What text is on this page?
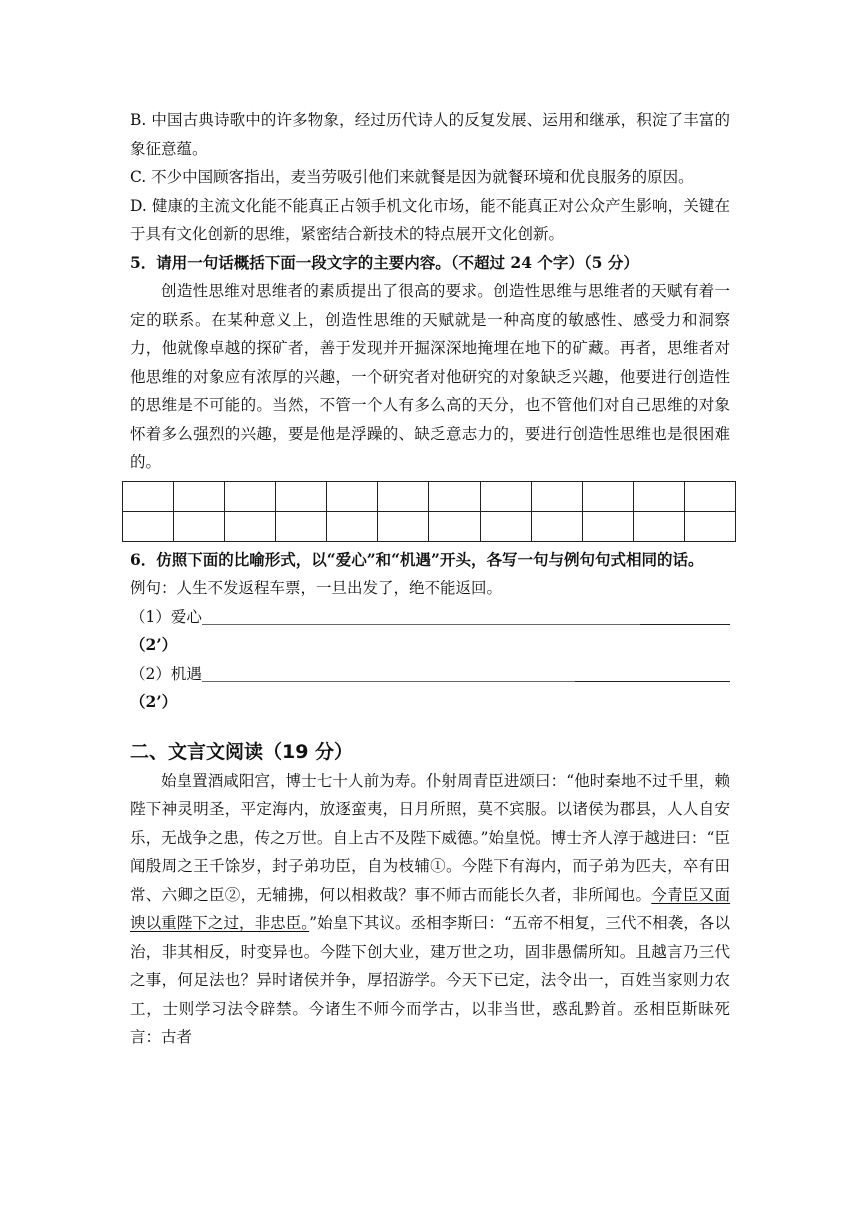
B. 中国古典诗歌中的许多物象，经过历代诗人的反复发展、运用和继承，积淀了丰富的象征意蕴。

C. 不少中国顾客指出，麦当劳吸引他们来就餐是因为就餐环境和优良服务的原因。

D. 健康的主流文化能不能真正占领手机文化市场，能不能真正对公众产生影响，关键在于具有文化创新的思维，紧密结合新技术的特点展开文化创新。

5．请用一句话概括下面一段文字的主要内容。（不超过 24 个字）（5 分）

创造性思维对思维者的素质提出了很高的要求。创造性思维与思维者的天赋有着一定的联系。在某种意义上，创造性思维的天赋就是一种高度的敏感性、感受力和洞察力，他就像卓越的探矿者，善于发现并开掘深深地掩埋在地下的矿藏。再者，思维者对他思维的对象应有浓厚的兴趣，一个研究者对他研究的对象缺乏兴趣，他要进行创造性的思维是不可能的。当然，不管一个人有多么高的天分，也不管他们对自己思维的对象怀着多么强烈的兴趣，要是他是浮躁的、缺乏意志力的，要进行创造性思维也是很困难的。

6．仿照下面的比喻形式，以“爱心”和“机遇”开头，各写一句与例句句式相同的话。

例句：人生不发返程车票，一旦出发了，绝不能返回。

（1）爱心

（2’）

（2）机遇

（2’）

二、文言文阅读（19 分）

始皇置酒咸阳宫，博士七十人前为寿。仆射周青臣进颂曰：“他时秦地不过千里，赖陛下神灵明圣，平定海内，放逐蛮夷，日月所照，莫不宾服。以诸侯为郡县，人人自安乐，无战争之患，传之万世。自上古不及陛下威德。”始皇悦。博士齐人淳于越进曰：“臣闻殷周之王千馀岁，封子弟功臣，自为枝辅①。今陛下有海内，而子弟为匹夫，卒有田常、六卿之臣②，无辅拂，何以相救哉？事不师古而能长久者，非所闻也。今青臣又面谀以重陛下之过，非忠臣。”始皇下其议。丞相李斯曰：“五帝不相复，三代不相袭，各以治，非其相反，时变异也。今陛下创大业，建万世之功，固非愚儒所知。且越言乃三代之事，何足法也？异时诸侯并争，厚招游学。今天下已定，法令出一，百姓当家则力农工，士则学习法令辟禁。今诸生不师今而学古，以非当世，惑乱黔首。丞相臣斯昧死言：古者
